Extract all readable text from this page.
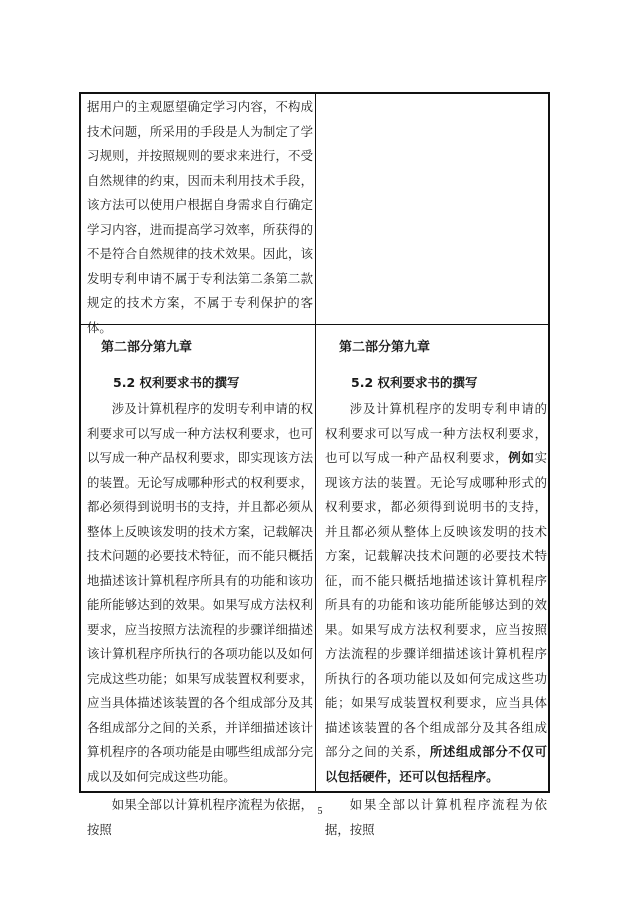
据用户的主观愿望确定学习内容，不构成技术问题，所采用的手段是人为制定了学习规则，并按照规则的要求来进行，不受自然规律的约束，因而未利用技术手段，该方法可以使用户根据自身需求自行确定学习内容，进而提高学习效率，所获得的不是符合自然规律的技术效果。因此，该发明专利申请不属于专利法第二条第二款规定的技术方案，不属于专利保护的客体。

第二部分第九章
5.2 权利要求书的撰写

涉及计算机程序的发明专利申请的权利要求可以写成一种方法权利要求，也可以写成一种产品权利要求，即实现该方法的装置。无论写成哪种形式的权利要求，都必须得到说明书的支持，并且都必须从整体上反映该发明的技术方案，记载解决技术问题的必要技术特征，而不能只概括地描述该计算机程序所具有的功能和该功能所能够达到的效果。如果写成方法权利要求，应当按照方法流程的步骤详细描述该计算机程序所执行的各项功能以及如何完成这些功能；如果写成装置权利要求，应当具体描述该装置的各个组成部分及其各组成部分之间的关系，并详细描述该计算机程序的各项功能是由哪些组成部分完成以及如何完成这些功能。

如果全部以计算机程序流程为依据，按照

第二部分第九章
5.2 权利要求书的撰写

涉及计算机程序的发明专利申请的权利要求可以写成一种方法权利要求，也可以写成一种产品权利要求，例如实现该方法的装置。无论写成哪种形式的权利要求，都必须得到说明书的支持，并且都必须从整体上反映该发明的技术方案，记载解决技术问题的必要技术特征，而不能只概括地描述该计算机程序所具有的功能和该功能所能够达到的效果。如果写成方法权利要求，应当按照方法流程的步骤详细描述该计算机程序所执行的各项功能以及如何完成这些功能；如果写成装置权利要求，应当具体描述该装置的各个组成部分及其各组成部分之间的关系，所述组成部分不仅可以包括硬件，还可以包括程序。

如果全部以计算机程序流程为依据，按照

5
